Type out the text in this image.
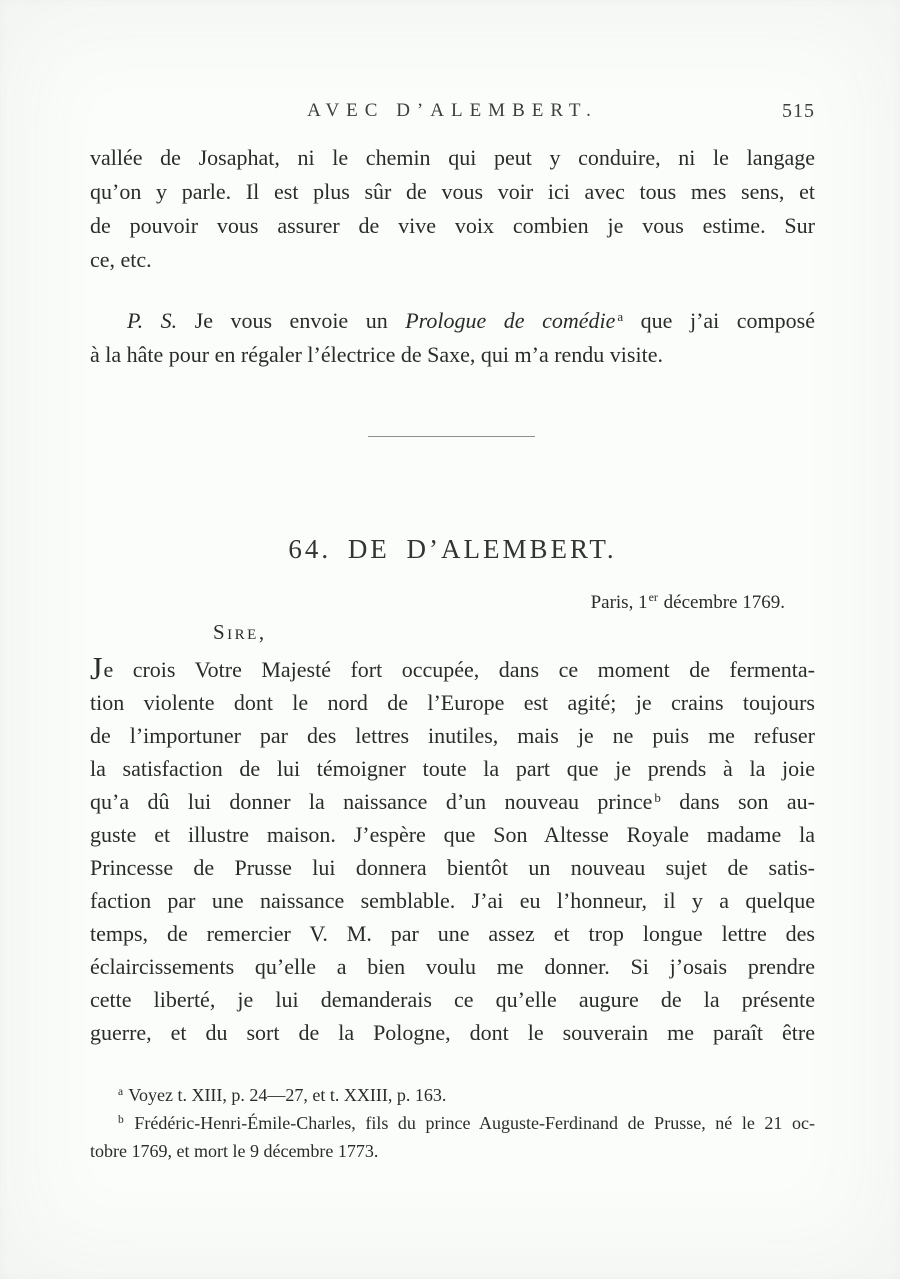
AVEC D’ALEMBERT.	515
vallée de Josaphat, ni le chemin qui peut y conduire, ni le langage
qu’on y parle. Il est plus sûr de vous voir ici avec tous mes sens, et
de pouvoir vous assurer de vive voix combien je vous estime. Sur
ce, etc.
P. S. Je vous envoie un Prologue de comédie $^a$ que j’ai composé
à la hâte pour en régaler l’électrice de Saxe, qui m’a rendu visite.
64. DE D’ALEMBERT.
Paris, 1er décembre 1769.
Sire,
Je crois Votre Majesté fort occupée, dans ce moment de fermenta-
tion violente dont le nord de l’Europe est agité; je crains toujours
de l’importuner par des lettres inutiles, mais je ne puis me refuser
la satisfaction de lui témoigner toute la part que je prends à la joie
qu’a dû lui donner la naissance d’un nouveau prince $^b$ dans son au-
guste et illustre maison. J’espère que Son Altesse Royale madame la
Princesse de Prusse lui donnera bientôt un nouveau sujet de satis-
faction par une naissance semblable. J’ai eu l’honneur, il y a quelque
temps, de remercier V. M. par une assez et trop longue lettre des
éclaircissements qu’elle a bien voulu me donner. Si j’osais prendre
cette liberté, je lui demanderais ce qu’elle augure de la présente
guerre, et du sort de la Pologne, dont le souverain me paraît être
$^a$ Voyez t. XIII, p. 24—27, et t. XXIII, p. 163.
$^b$ Frédéric-Henri-Émile-Charles, fils du prince Auguste-Ferdinand de Prusse, né le 21 oc-
tobre 1769, et mort le 9 décembre 1773.
